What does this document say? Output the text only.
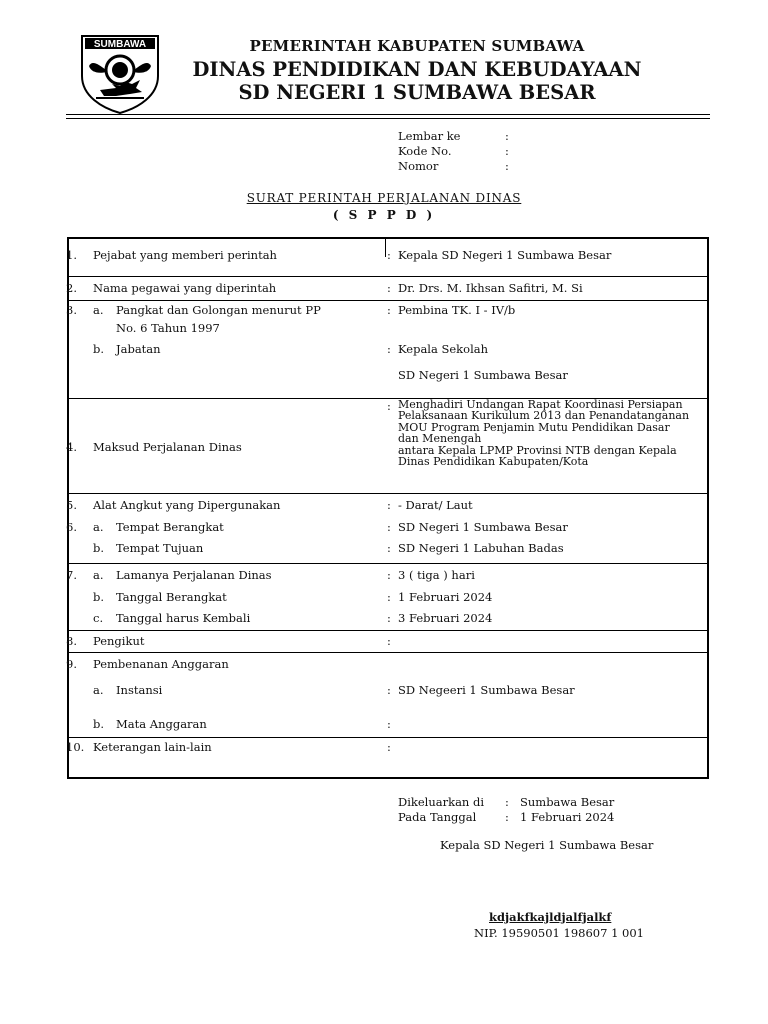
SUMBAWA	PEMERINTAH KABUPATEN SUMBAWA
DINAS PENDIDIKAN DAN KEBUDAYAAN
SD NEGERI 1 SUMBAWA BESAR
Lembar ke	:
Kode No.	:
Nomor	:
SURAT PERINTAH PERJALANAN DINAS
( S P P D )
1. Pejabat yang memberi perintah	: Kepala SD Negeri 1 Sumbawa Besar
2. Nama pegawai yang diperintah	: Dr. Drs. M. Ikhsan Safitri, M. Si
3. a. Pangkat dan Golongan menurut PP
No. 6 Tahun 1997
: Pembina TK. I - IV/b
b. Jabatan	: Kepala Sekolah
SD Negeri 1 Sumbawa Besar
4. Maksud Perjalanan Dinas
: Menghadiri Undangan Rapat Koordinasi Persiapan
Pelaksanaan Kurikulum 2013 dan Penandatanganan
MOU Program Penjamin Mutu Pendidikan Dasar
dan Menengah
antara Kepala LPMP Provinsi NTB dengan Kepala
Dinas Pendidikan Kabupaten/Kota
5. Alat Angkut yang Dipergunakan	: - Darat/ Laut
6. a. Tempat Berangkat	: SD Negeri 1 Sumbawa Besar
b. Tempat Tujuan	: SD Negeri 1 Labuhan Badas
7. a. Lamanya Perjalanan Dinas	: 3 ( tiga ) hari
b. Tanggal Berangkat	: 1 Februari 2024
c. Tanggal harus Kembali	: 3 Februari 2024
8. Pengikut	:
9. Pembenanan Anggaran
a. Instansi	: SD Negeeri 1 Sumbawa Besar
b. Mata Anggaran	:
10. Keterangan lain-lain	:
Dikeluarkan di	: Sumbawa Besar
Pada Tanggal	: 1 Februari 2024
Kepala SD Negeri 1 Sumbawa Besar
kdjakfkajldjalfjalkf
NIP. 19590501 198607 1 001
